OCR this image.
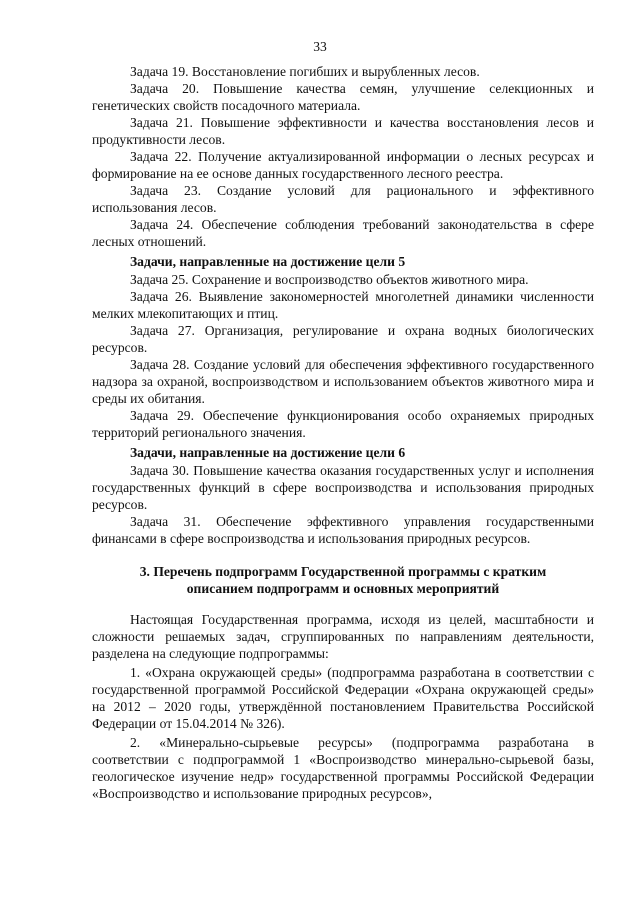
33

Задача 19. Восстановление погибших и вырубленных лесов.

Задача 20. Повышение качества семян, улучшение селекционных и генетических свойств посадочного материала.

Задача 21. Повышение эффективности и качества восстановления лесов и продуктивности лесов.

Задача 22. Получение актуализированной информации о лесных ресурсах и формирование на ее основе данных государственного лесного реестра.

Задача 23. Создание условий для рационального и эффективного использования лесов.

Задача 24. Обеспечение соблюдения требований законодательства в сфере лесных отношений.

Задачи, направленные на достижение цели 5

Задача 25. Сохранение и воспроизводство объектов животного мира.

Задача 26. Выявление закономерностей многолетней динамики численности мелких млекопитающих и птиц.

Задача 27. Организация, регулирование и охрана водных биологических ресурсов.

Задача 28. Создание условий для обеспечения эффективного государственного надзора за охраной, воспроизводством и использованием объектов животного мира и среды их обитания.

Задача 29. Обеспечение функционирования особо охраняемых природных территорий регионального значения.

Задачи, направленные на достижение цели 6

Задача 30. Повышение качества оказания государственных услуг и исполнения государственных функций в сфере воспроизводства и использования природных ресурсов.

Задача 31. Обеспечение эффективного управления государственными финансами в сфере воспроизводства и использования природных ресурсов.

3. Перечень подпрограмм Государственной программы с кратким
описанием подпрограмм и основных мероприятий

Настоящая Государственная программа, исходя из целей, масштабности и сложности решаемых задач, сгруппированных по направлениям деятельности, разделена на следующие подпрограммы:

1. «Охрана окружающей среды» (подпрограмма разработана в соответствии с государственной программой Российской Федерации «Охрана окружающей среды» на 2012 – 2020 годы, утверждённой постановлением Правительства Российской Федерации от 15.04.2014 № 326).

2. «Минерально-сырьевые ресурсы» (подпрограмма разработана в соответствии с подпрограммой 1 «Воспроизводство минерально-сырьевой базы, геологическое изучение недр» государственной программы Российской Федерации «Воспроизводство и использование природных ресурсов»,
